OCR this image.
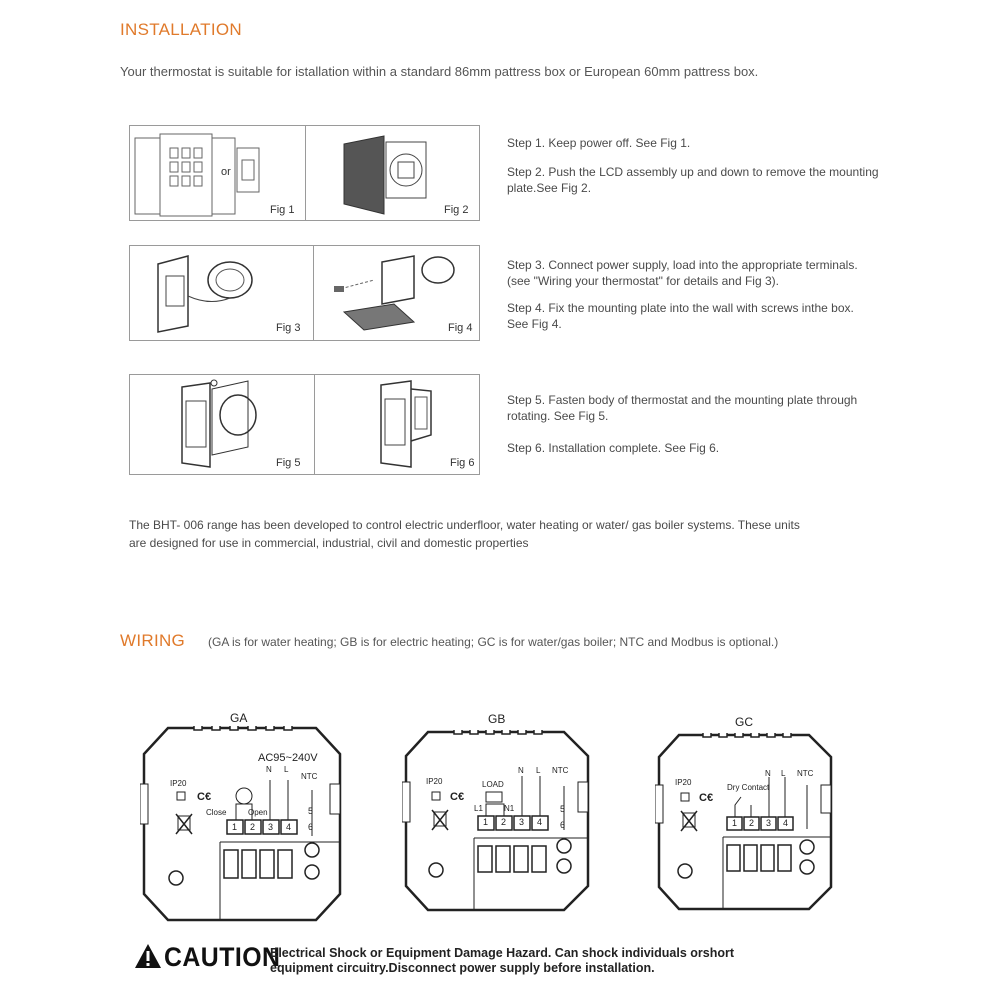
INSTALLATION
Your thermostat is suitable for istallation within a standard 86mm pattress box or European 60mm pattress box.
or
Fig 1	Fig 2
Step 1. Keep power off. See Fig 1.
Step 2. Push the LCD assembly up and down to remove the mounting
plate.See Fig 2.
Fig 3	Fig 4
Step 3. Connect power supply, load into the appropriate terminals.
(see "Wiring your thermostat" for details and Fig 3).
Step 4. Fix the mounting plate into the wall with screws inthe box.
See Fig 4.
Fig 5	Fig 6
Step 5. Fasten body of thermostat and the mounting plate through
rotating. See Fig 5.
Step 6. Installation complete. See Fig 6.
The BHT- 006 range has been developed to control electric underfloor, water heating or water/ gas boiler systems. These units
are designed for use in commercial, industrial, civil and domestic properties
WIRING (GA is for water heating; GB is for electric heating; GC is for water/gas boiler; NTC and Modbus is optional.)
GA
C€
AC95~240V
N L
NTC
IP20
Close	Open
1 2 3 4
5
6
GB
C€
LOAD
N L NTC
IP20
L1	N1
1 2 3 4
5
6
GC
C€
Dry Contact
N L NTC
IP20
1 2 3 4
CAUTION
Electrical Shock or Equipment Damage Hazard. Can shock individuals orshort
equipment circuitry.Disconnect power supply before installation.
